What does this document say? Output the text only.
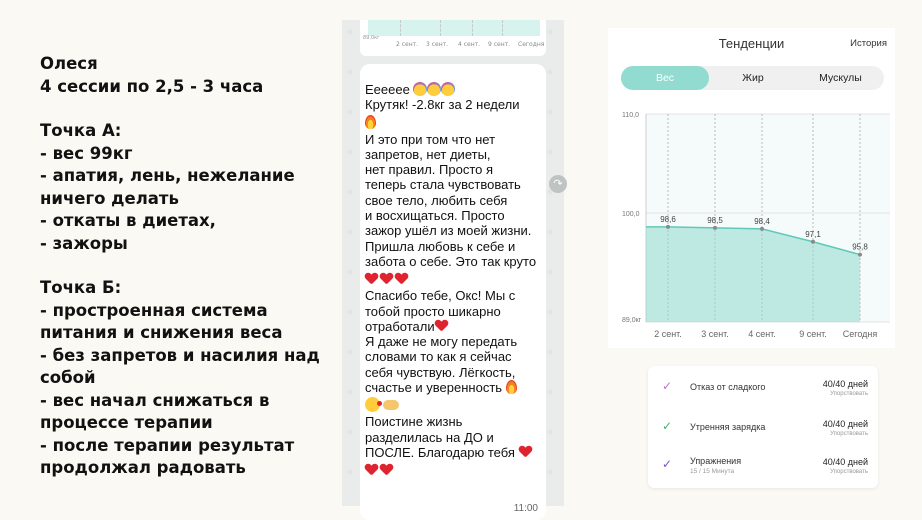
Олеся
4 сессии по 2,5 - 3 часа
Точка А:
- вес 99кг
- апатия, лень, нежелание
ничего делать
- откаты в диетах,
- зажоры
Точка Б:
- простроенная система
питания и снижения веса
- без запретов и насилия над
собой
- вес начал снижаться в
процессе терапии
- после терапии результат
продолжал радовать
89,0кг
2 сент. 3 сент. 4 сент. 9 сент. Сегодня
Ееееее
Крутяк! -2.8кг за 2 недели
И это при том что нет
запретов, нет диеты,
нет правил. Просто я
теперь стала чувствовать
свое тело, любить себя
и восхищаться. Просто
зажор ушёл из моей жизни.
Пришла любовь к себе и
забота о себе. Это так круто
Спасибо тебе, Окс! Мы с
тобой просто шикарно
отработали
Я даже не могу передать
словами то как я сейчас
себя чувствую. Лёгкость,
счастье и уверенность
Поистине жизнь
разделилась на ДО и
ПОСЛЕ. Благодарю тебя
11:00
↷
Тенденции	История
Вес	Жир	Мускулы
110,0
100,0
89,0кг
98,6
2 сент.
98,5
3 сент.
98,4
4 сент.
97,1
9 сент.
95,8
Сегодня
✓ Отказ от сладкого	40/40 дней
Упорствовать
✓ Утренняя зарядка	40/40 дней
Упорствовать
✓ Упражнения
15 / 15 Минута
40/40 дней
Упорствовать
